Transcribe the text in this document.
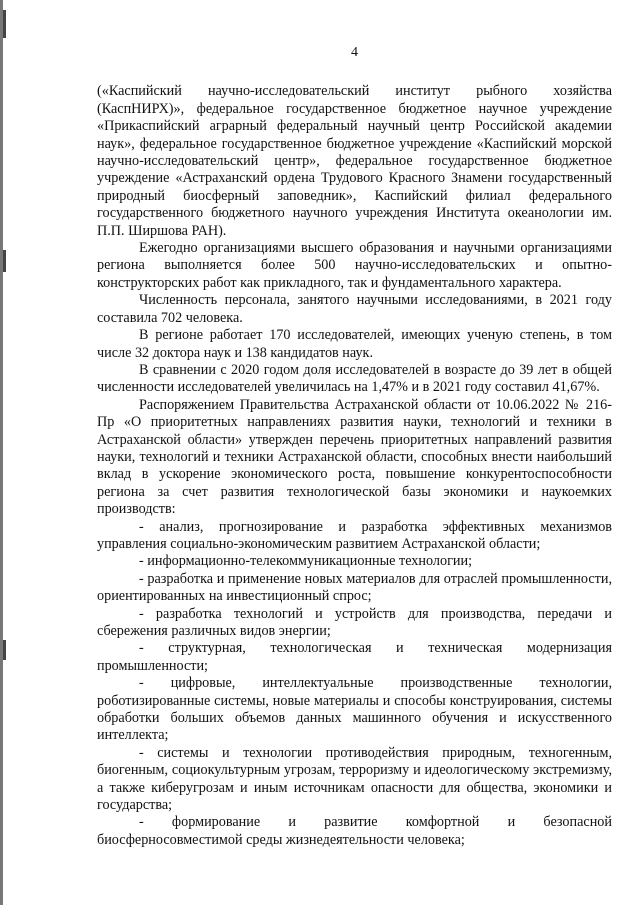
4

(«Каспийский научно-исследовательский институт рыбного хозяйства (КаспНИРХ)», федеральное государственное бюджетное научное учреждение «Прикаспийский аграрный федеральный научный центр Российской академии наук», федеральное государственное бюджетное учреждение «Каспийский морской научно-исследовательский центр», федеральное государственное бюджетное учреждение «Астраханский ордена Трудового Красного Знамени государственный природный биосферный заповедник», Каспийский филиал федерального государственного бюджетного научного учреждения Института океанологии им. П.П. Ширшова РАН).

Ежегодно организациями высшего образования и научными организациями региона выполняется более 500 научно-исследовательских и опытно-конструкторских работ как прикладного, так и фундаментального характера.

Численность персонала, занятого научными исследованиями, в 2021 году составила 702 человека.

В регионе работает 170 исследователей, имеющих ученую степень, в том числе 32 доктора наук и 138 кандидатов наук.

В сравнении с 2020 годом доля исследователей в возрасте до 39 лет в общей численности исследователей увеличилась на 1,47% и в 2021 году составил 41,67%.

Распоряжением Правительства Астраханской области от 10.06.2022 № 216-Пр «О приоритетных направлениях развития науки, технологий и техники в Астраханской области» утвержден перечень приоритетных направлений развития науки, технологий и техники Астраханской области, способных внести наибольший вклад в ускорение экономического роста, повышение конкурентоспособности региона за счет развития технологической базы экономики и наукоемких производств:

- анализ, прогнозирование и разработка эффективных механизмов управления социально-экономическим развитием Астраханской области;

- информационно-телекоммуникационные технологии;

- разработка и применение новых материалов для отраслей промышленности, ориентированных на инвестиционный спрос;

- разработка технологий и устройств для производства, передачи и сбережения различных видов энергии;

- структурная, технологическая и техническая модернизация промышленности;

- цифровые, интеллектуальные производственные технологии, роботизированные системы, новые материалы и способы конструирования, системы обработки больших объемов данных машинного обучения и искусственного интеллекта;

- системы и технологии противодействия природным, техногенным, биогенным, социокультурным угрозам, терроризму и идеологическому экстремизму, а также киберугрозам и иным источникам опасности для общества, экономики и государства;

- формирование и развитие комфортной и безопасной биосферносовместимой среды жизнедеятельности человека;
